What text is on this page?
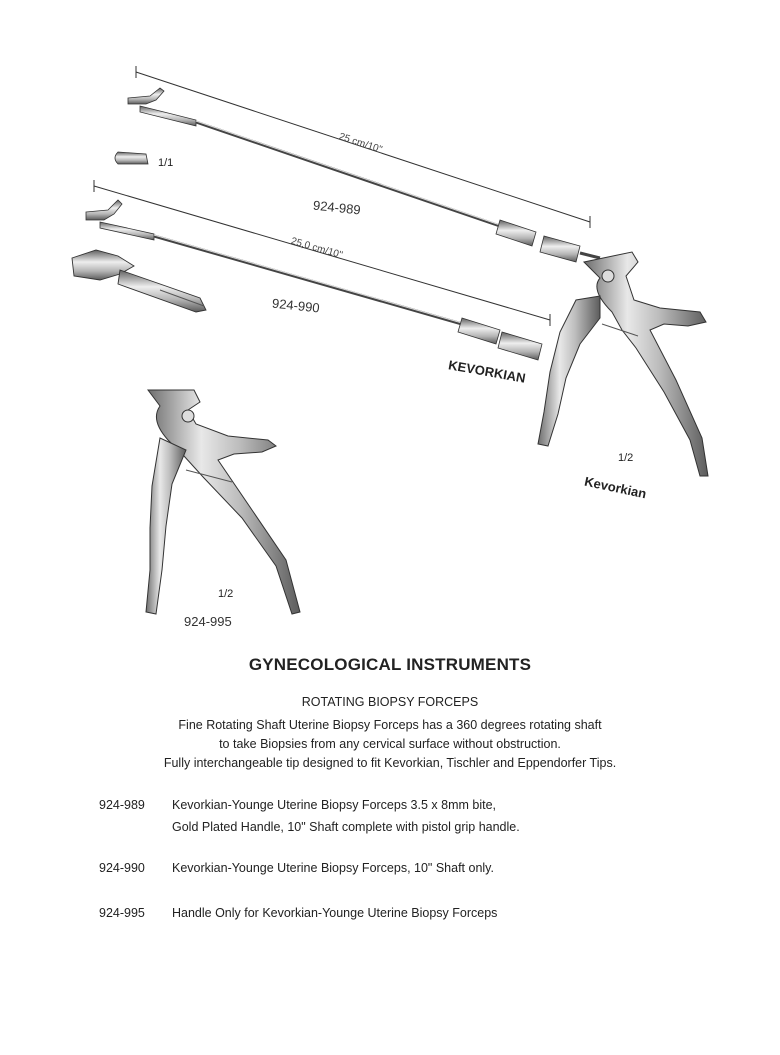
25 cm/10''
924-989
1/1
25,0 cm/10''
924-990
KEVORKIAN
1/2
Kevorkian
1/2
924-995
GYNECOLOGICAL INSTRUMENTS
ROTATING BIOPSY FORCEPS
Fine Rotating Shaft Uterine Biopsy Forceps has a 360 degrees rotating shaft
to take Biopsies from any cervical surface without obstruction.
Fully interchangeable tip designed to fit Kevorkian, Tischler and Eppendorfer Tips.
924-989 Kevorkian-Younge Uterine Biopsy Forceps 3.5 x 8mm bite,
Gold Plated Handle, 10" Shaft complete with pistol grip handle.
924-990 Kevorkian-Younge Uterine Biopsy Forceps, 10" Shaft only.
924-995 Handle Only for Kevorkian-Younge Uterine Biopsy Forceps
